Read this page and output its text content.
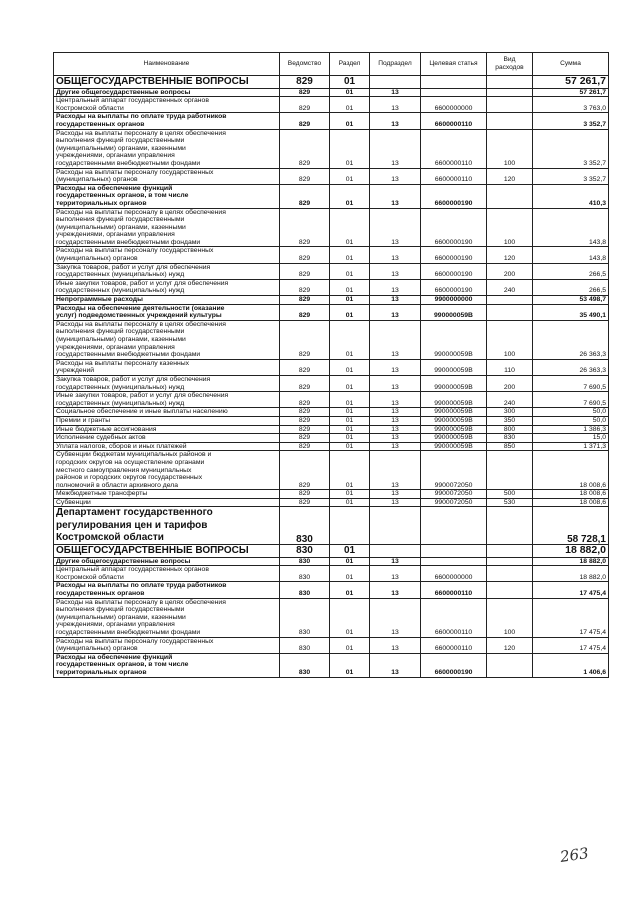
Наименование	Ведомство	Раздел	Подраздел	Целевая статья	Вид расходов	Сумма
ОБЩЕГОСУДАРСТВЕННЫЕ ВОПРОСЫ	829	01				57 261,7
Другие общегосударственные вопросы	829	01	13			57 261,7
Центральный аппарат государственных органов
Костромской области	829	01	13	6600000000		3 763,0
Расходы на выплаты по оплате труда работников
государственных органов	829	01	13	6600000110		3 352,7
Расходы на выплаты персоналу в целях обеспечения
выполнения функций государственными
(муниципальными) органами, казенными
учреждениями, органами управления
государственными внебюджетными фондами	829	01	13	6600000110	100	3 352,7
Расходы на выплаты персоналу государственных
(муниципальных) органов	829	01	13	6600000110	120	3 352,7
Расходы на обеспечение функций
государственных органов, в том числе
территориальных органов	829	01	13	6600000190		410,3
Расходы на выплаты персоналу в целях обеспечения
выполнения функций государственными
(муниципальными) органами, казенными
учреждениями, органами управления
государственными внебюджетными фондами	829	01	13	6600000190	100	143,8
Расходы на выплаты персоналу государственных
(муниципальных) органов	829	01	13	6600000190	120	143,8
Закупка товаров, работ и услуг для обеспечения
государственных (муниципальных) нужд	829	01	13	6600000190	200	266,5
Иные закупки товаров, работ и услуг для обеспечения
государственных (муниципальных) нужд	829	01	13	6600000190	240	266,5
Непрограммные расходы	829	01	13	9900000000		53 498,7
Расходы на обеспечение деятельности (оказание
услуг) подведомственных учреждений культуры	829	01	13	990000059В		35 490,1
Расходы на выплаты персоналу в целях обеспечения
выполнения функций государственными
(муниципальными) органами, казенными
учреждениями, органами управления
государственными внебюджетными фондами	829	01	13	990000059В	100	26 363,3
Расходы на выплаты персоналу казенных
учреждений	829	01	13	990000059В	110	26 363,3
Закупка товаров, работ и услуг для обеспечения
государственных (муниципальных) нужд	829	01	13	990000059В	200	7 690,5
Иные закупки товаров, работ и услуг для обеспечения
государственных (муниципальных) нужд	829	01	13	990000059В	240	7 690,5
Социальное обеспечение и иные выплаты населению	829	01	13	990000059В	300	50,0
Премии и гранты	829	01	13	990000059В	350	50,0
Иные бюджетные ассигнования	829	01	13	990000059В	800	1 386,3
Исполнение судебных актов	829	01	13	990000059В	830	15,0
Уплата налогов, сборов и иных платежей	829	01	13	990000059В	850	1 371,3
Субвенции бюджетам муниципальных районов и
городских округов на осуществление органами
местного самоуправления муниципальных
районов и городских округов государственных
полномочий в области архивного дела	829	01	13	9900072050		18 008,6
Межбюджетные трансферты	829	01	13	9900072050	500	18 008,6
Субвенции	829	01	13	9900072050	530	18 008,6
Департамент государственного
регулирования цен и тарифов
Костромской области	830					58 728,1
ОБЩЕГОСУДАРСТВЕННЫЕ ВОПРОСЫ	830	01				18 882,0
Другие общегосударственные вопросы	830	01	13			18 882,0
Центральный аппарат государственных органов
Костромской области	830	01	13	6600000000		18 882,0
Расходы на выплаты по оплате труда работников
государственных органов	830	01	13	6600000110		17 475,4
Расходы на выплаты персоналу в целях обеспечения
выполнения функций государственными
(муниципальными) органами, казенными
учреждениями, органами управления
государственными внебюджетными фондами	830	01	13	6600000110	100	17 475,4
Расходы на выплаты персоналу государственных
(муниципальных) органов	830	01	13	6600000110	120	17 475,4
Расходы на обеспечение функций
государственных органов, в том числе
территориальных органов	830	01	13	6600000190		1 406,6
263
